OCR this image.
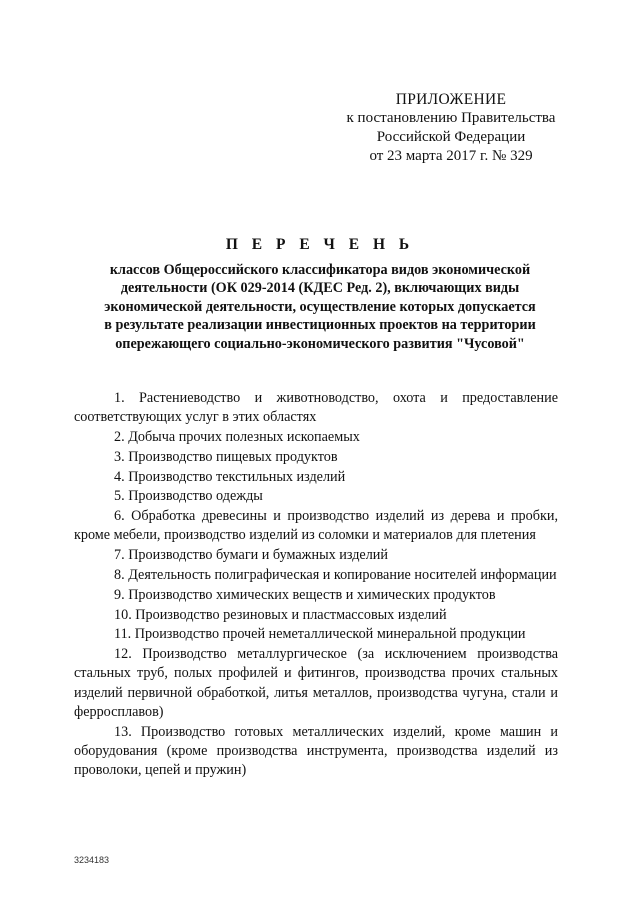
ПРИЛОЖЕНИЕ
к постановлению Правительства
Российской Федерации
от 23 марта 2017 г. № 329
П Е Р Е Ч Е Н Ь
классов Общероссийского классификатора видов экономической
деятельности (ОК 029-2014 (КДЕС Ред. 2), включающих виды
экономической деятельности, осуществление которых допускается
в результате реализации инвестиционных проектов на территории
опережающего социально-экономического развития "Чусовой"

1. Растениеводство и животноводство, охота и предоставление соответствующих услуг в этих областях

2. Добыча прочих полезных ископаемых

3. Производство пищевых продуктов

4. Производство текстильных изделий

5. Производство одежды

6. Обработка древесины и производство изделий из дерева и пробки, кроме мебели, производство изделий из соломки и материалов для плетения

7. Производство бумаги и бумажных изделий

8. Деятельность полиграфическая и копирование носителей информации

9. Производство химических веществ и химических продуктов

10. Производство резиновых и пластмассовых изделий

11. Производство прочей неметаллической минеральной продукции

12. Производство металлургическое (за исключением производства стальных труб, полых профилей и фитингов, производства прочих стальных изделий первичной обработкой, литья металлов, производства чугуна, стали и ферросплавов)

13. Производство готовых металлических изделий, кроме машин и оборудования (кроме производства инструмента, производства изделий из проволоки, цепей и пружин)

3234183
